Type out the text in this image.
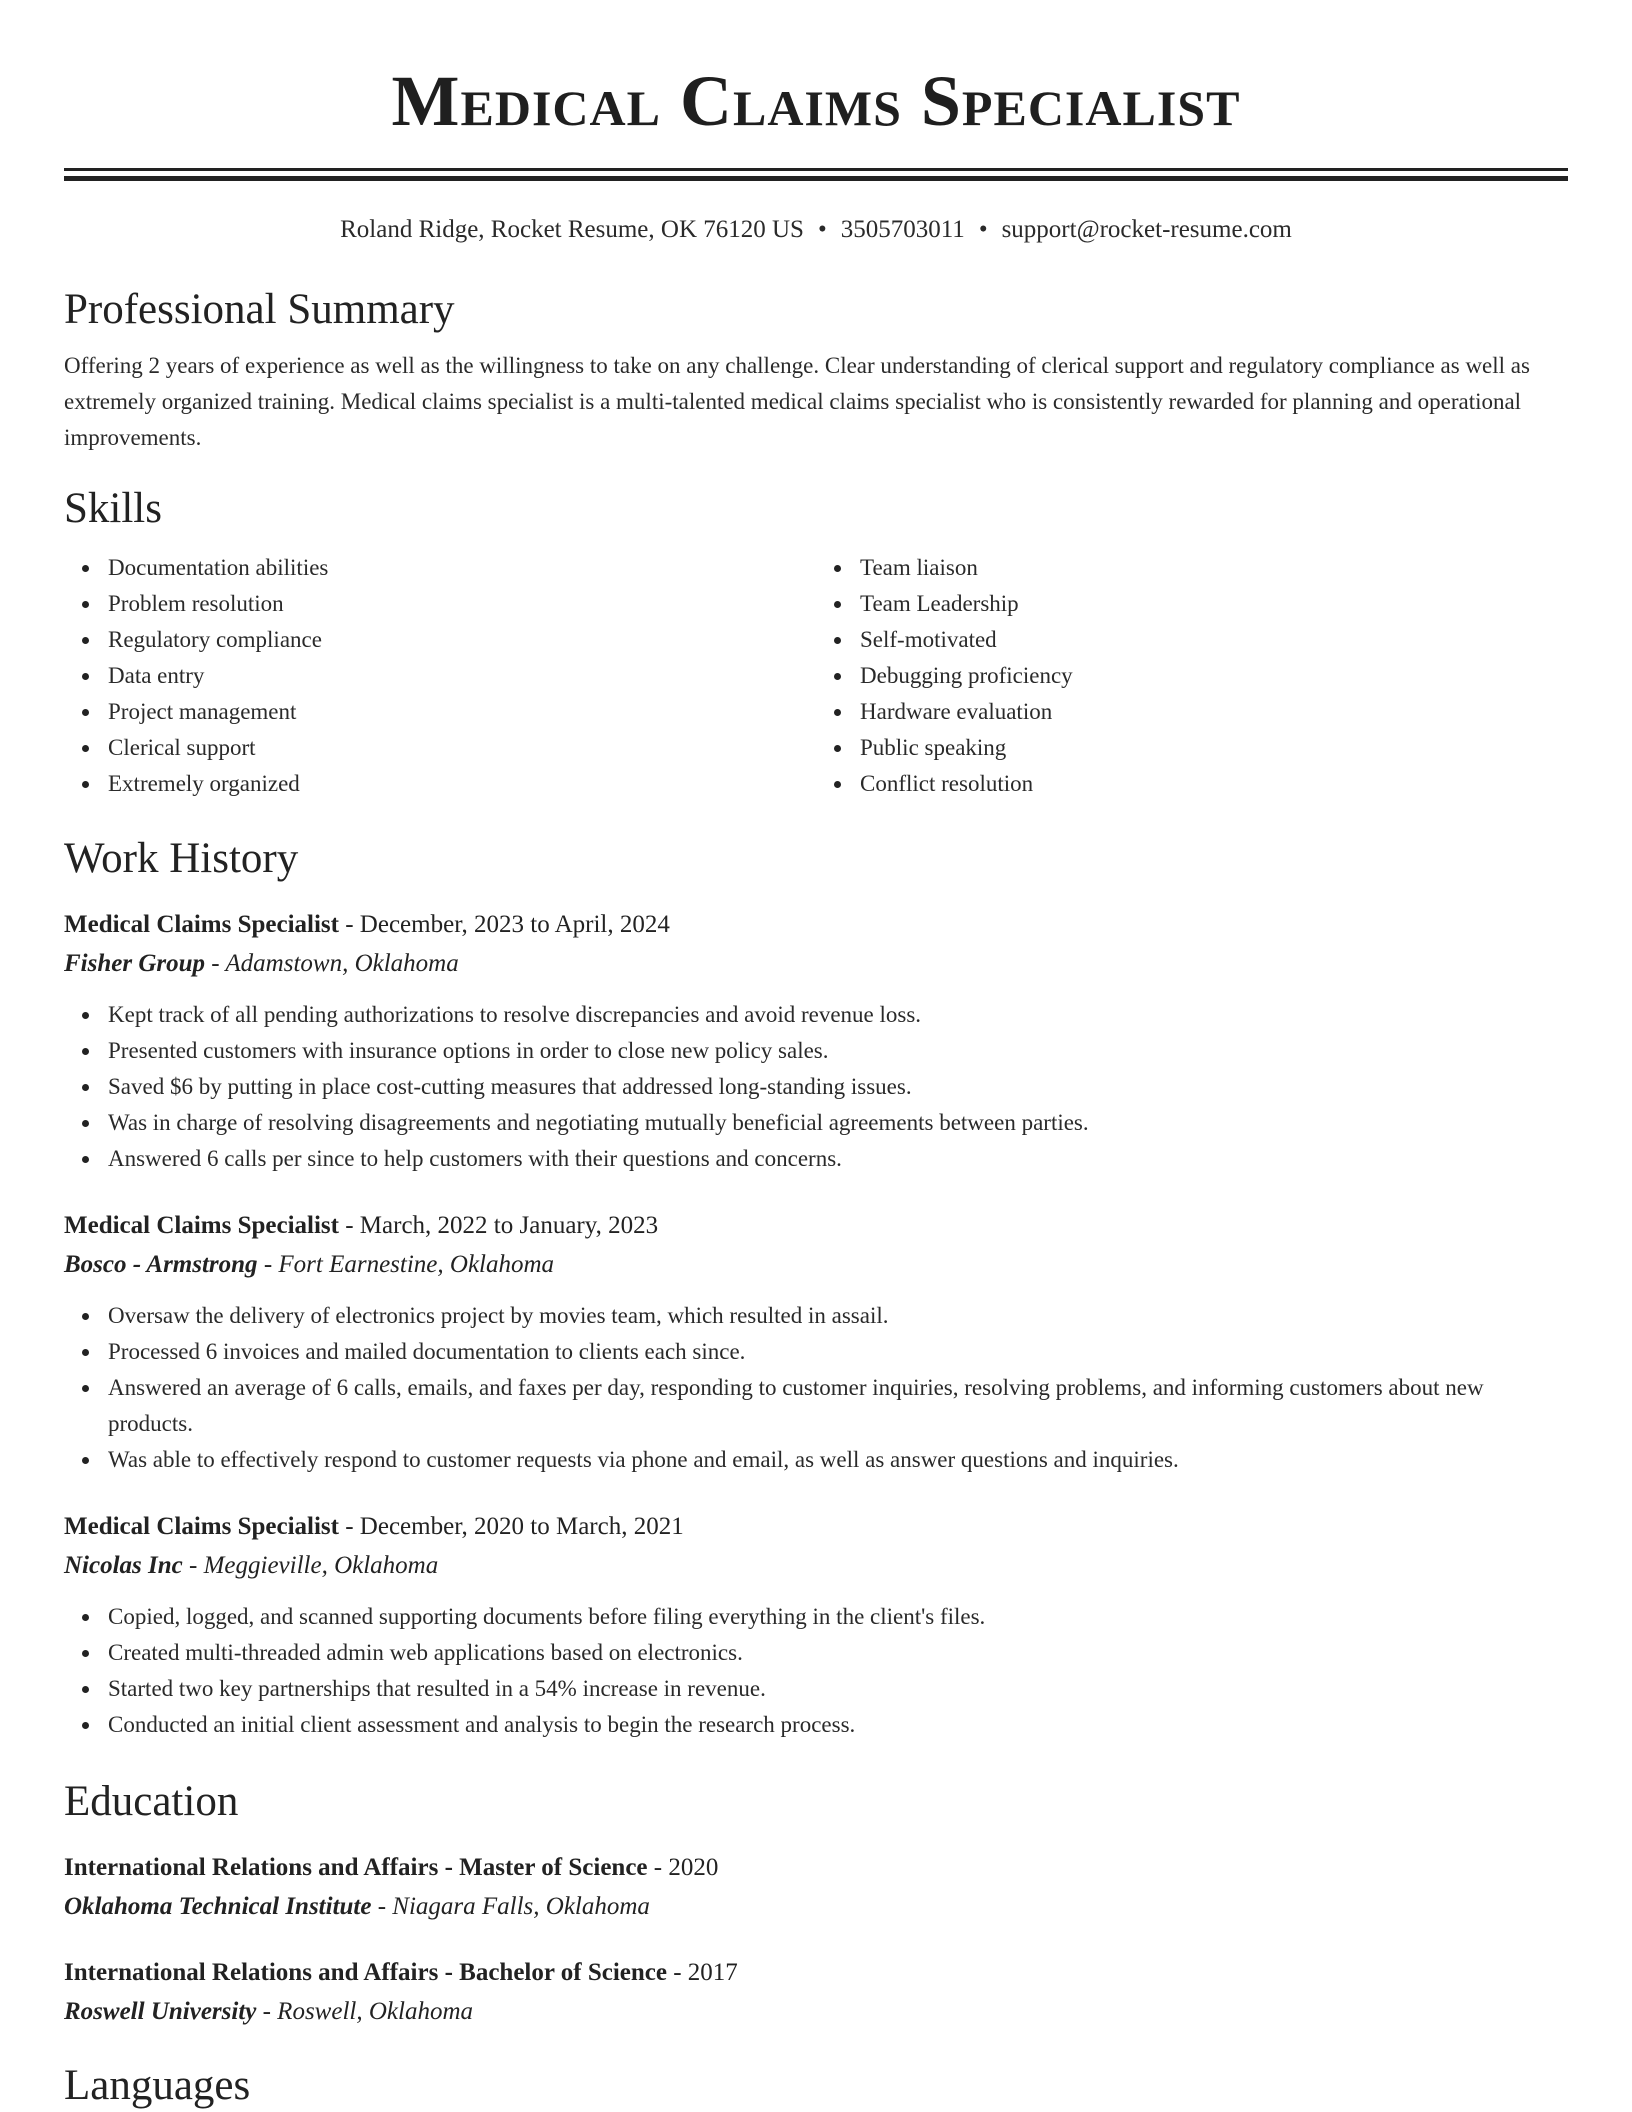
Medical Claims Specialist
Roland Ridge, Rocket Resume, OK 76120 US • 3505703011 • support@rocket-resume.com
Professional Summary
Offering 2 years of experience as well as the willingness to take on any challenge. Clear understanding of clerical support and regulatory compliance as well as extremely organized training. Medical claims specialist is a multi-talented medical claims specialist who is consistently rewarded for planning and operational improvements.
Skills
Documentation abilities
Problem resolution
Regulatory compliance
Data entry
Project management
Clerical support
Extremely organized
Team liaison
Team Leadership
Self-motivated
Debugging proficiency
Hardware evaluation
Public speaking
Conflict resolution
Work History
Medical Claims Specialist - December, 2023 to April, 2024
Fisher Group - Adamstown, Oklahoma
Kept track of all pending authorizations to resolve discrepancies and avoid revenue loss.
Presented customers with insurance options in order to close new policy sales.
Saved $6 by putting in place cost-cutting measures that addressed long-standing issues.
Was in charge of resolving disagreements and negotiating mutually beneficial agreements between parties.
Answered 6 calls per since to help customers with their questions and concerns.
Medical Claims Specialist - March, 2022 to January, 2023
Bosco - Armstrong - Fort Earnestine, Oklahoma
Oversaw the delivery of electronics project by movies team, which resulted in assail.
Processed 6 invoices and mailed documentation to clients each since.
Answered an average of 6 calls, emails, and faxes per day, responding to customer inquiries, resolving problems, and informing customers about new products.
Was able to effectively respond to customer requests via phone and email, as well as answer questions and inquiries.
Medical Claims Specialist - December, 2020 to March, 2021
Nicolas Inc - Meggieville, Oklahoma
Copied, logged, and scanned supporting documents before filing everything in the client's files.
Created multi-threaded admin web applications based on electronics.
Started two key partnerships that resulted in a 54% increase in revenue.
Conducted an initial client assessment and analysis to begin the research process.
Education
International Relations and Affairs - Master of Science - 2020
Oklahoma Technical Institute - Niagara Falls, Oklahoma
International Relations and Affairs - Bachelor of Science - 2017
Roswell University - Roswell, Oklahoma
Languages
